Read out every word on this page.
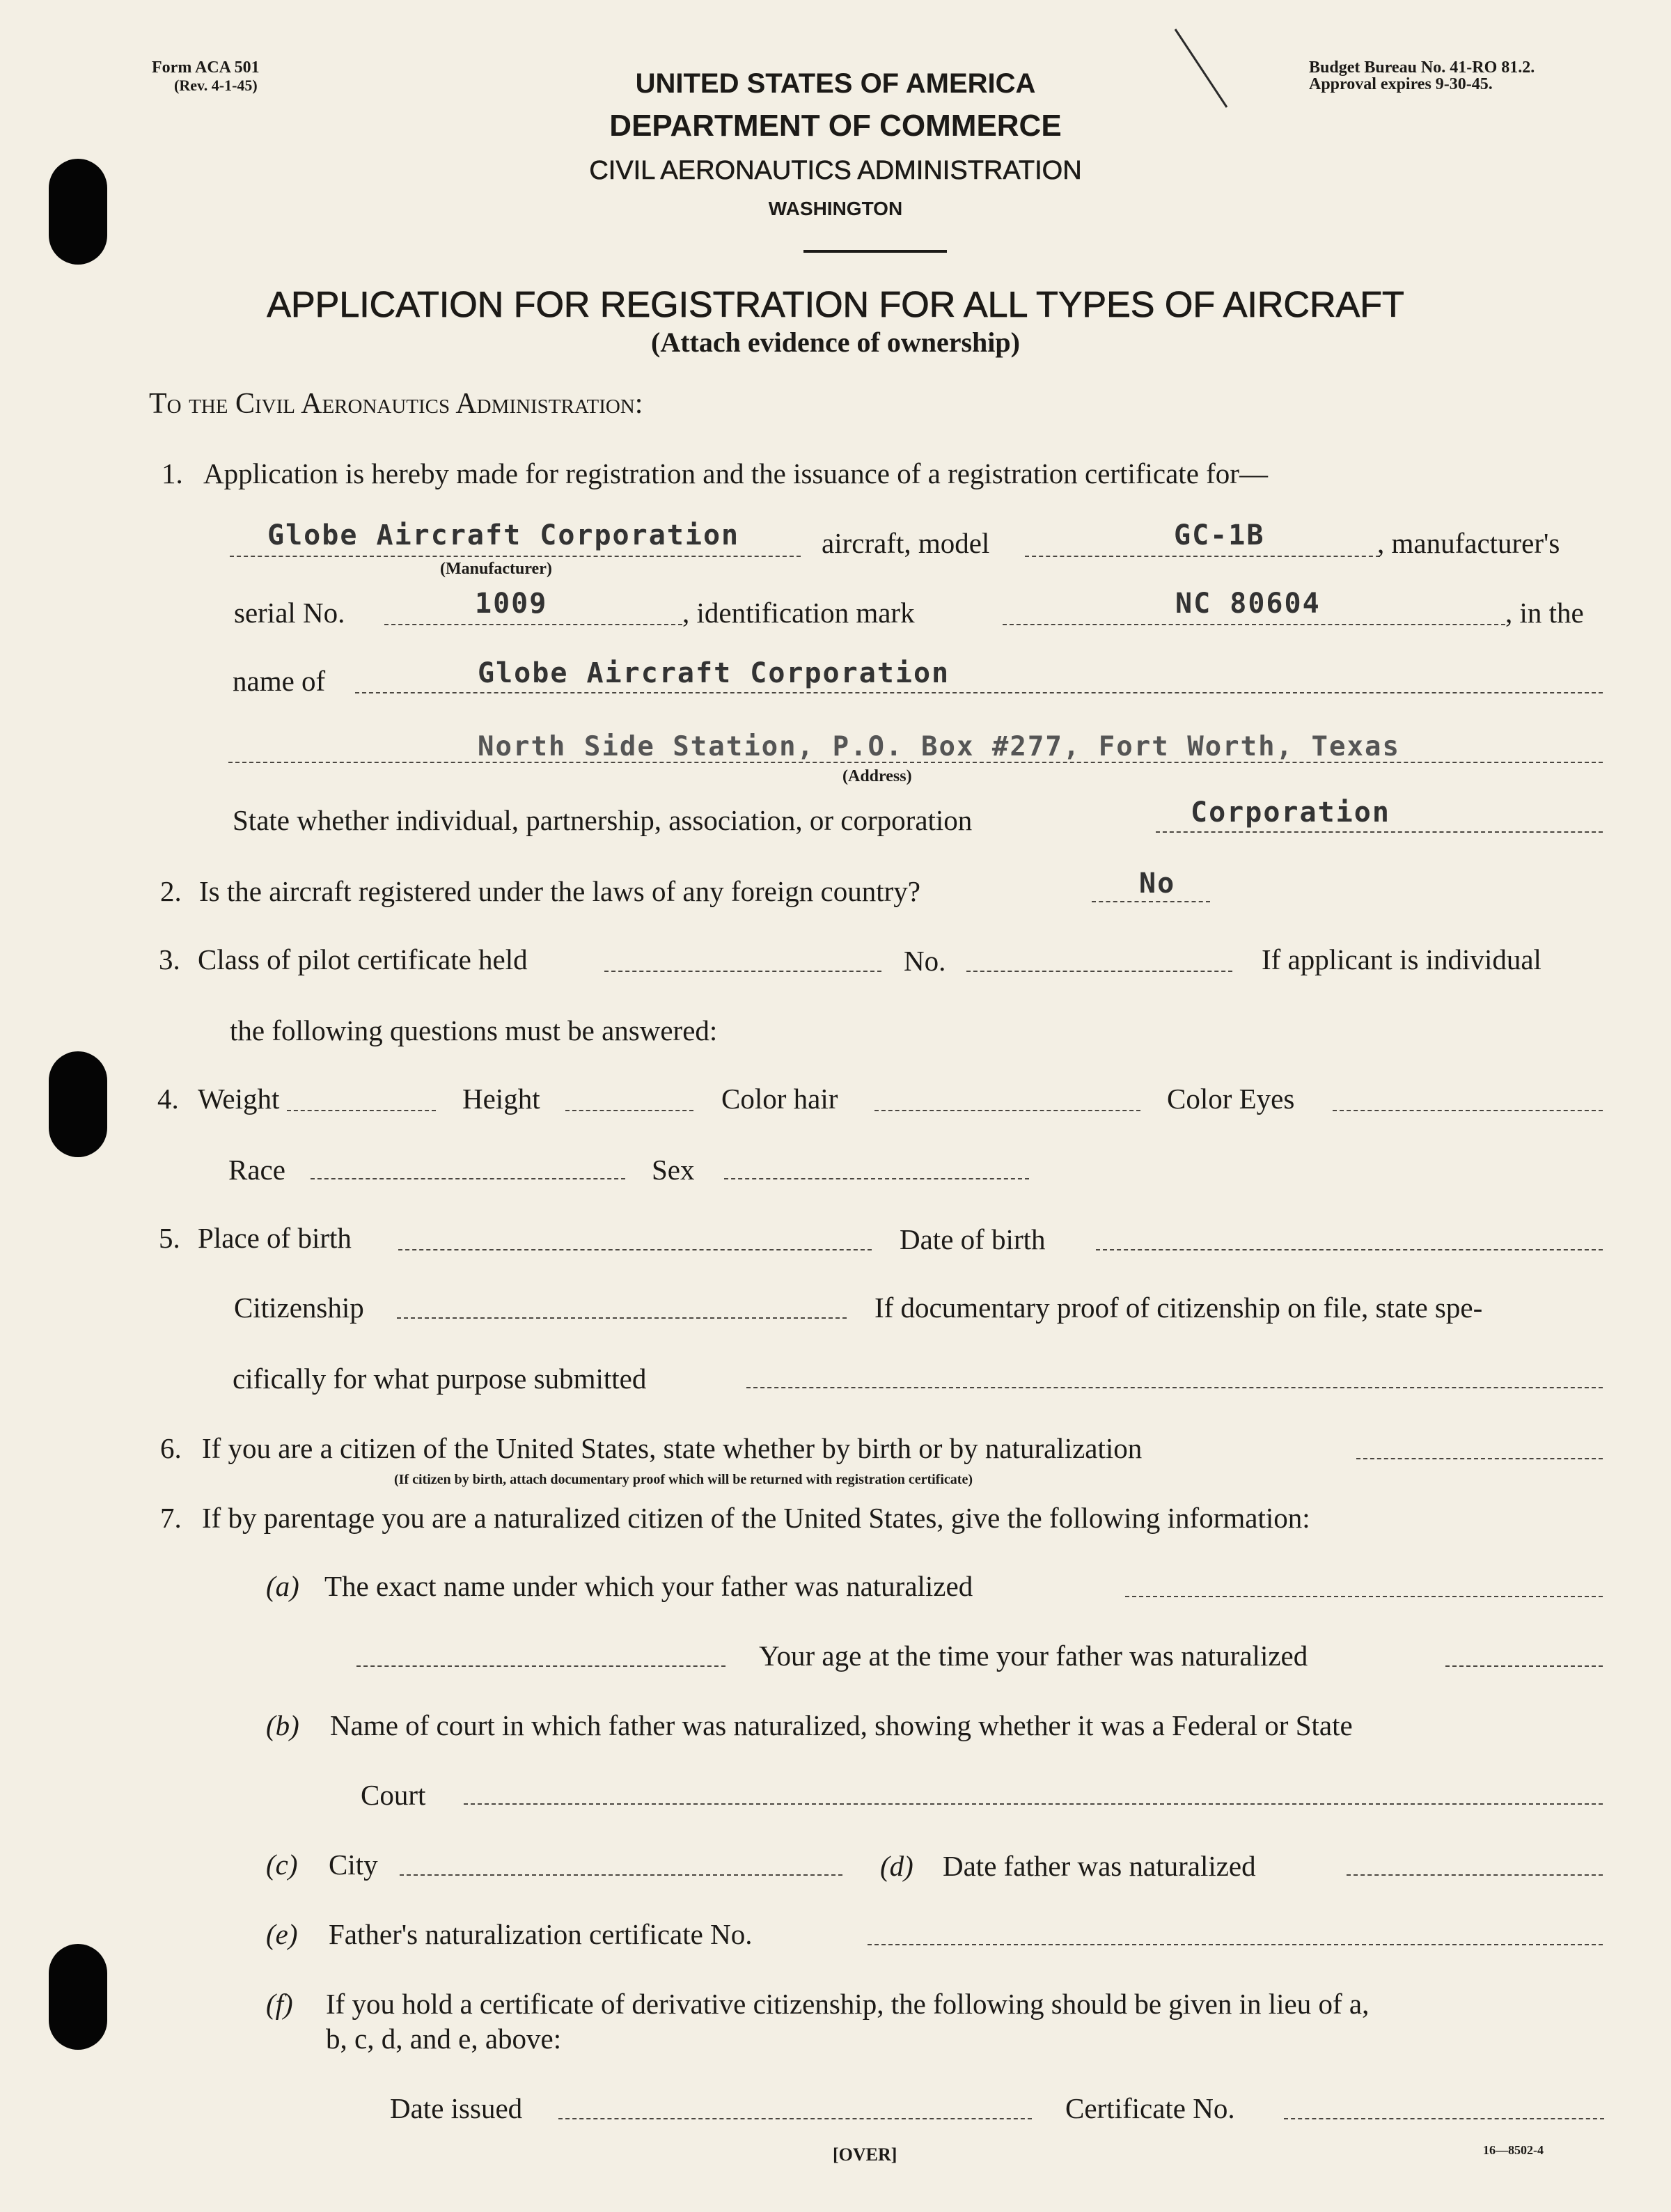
Form ACA 501
(Rev. 4-1-45)
Budget Bureau No. 41-RO 81.2.
Approval expires 9-30-45.
UNITED STATES OF AMERICA
DEPARTMENT OF COMMERCE
CIVIL AERONAUTICS ADMINISTRATION
WASHINGTON
APPLICATION FOR REGISTRATION FOR ALL TYPES OF AIRCRAFT
(Attach evidence of ownership)
To the Civil Aeronautics Administration:
1. Application is hereby made for registration and the issuance of a registration certificate for—
Globe Aircraft Corporation
(Manufacturer)
aircraft, model	GC-1B	, manufacturer's
serial No.	1009	, identification mark	NC 80604	, in the
name of	Globe Aircraft Corporation
North Side Station, P.O. Box #277, Fort Worth, Texas
(Address)
State whether individual, partnership, association, or corporation	Corporation
2. Is the aircraft registered under the laws of any foreign country?	No
3. Class of pilot certificate held	No.	If applicant is individual
the following questions must be answered:
4. Weight	Height	Color hair	Color Eyes
Race	Sex
5. Place of birth	Date of birth
Citizenship	If documentary proof of citizenship on file, state spe-
cifically for what purpose submitted
6. If you are a citizen of the United States, state whether by birth or by naturalization
(If citizen by birth, attach documentary proof which will be returned with registration certificate)
7. If by parentage you are a naturalized citizen of the United States, give the following information:
(a) The exact name under which your father was naturalized
Your age at the time your father was naturalized
(b) Name of court in which father was naturalized, showing whether it was a Federal or State
Court
(c) City	(d) Date father was naturalized
(e) Father's naturalization certificate No.
(f) If you hold a certificate of derivative citizenship, the following should be given in lieu of a,
b, c, d, and e, above:
Date issued	Certificate No.
[OVER]	16—8502-4
